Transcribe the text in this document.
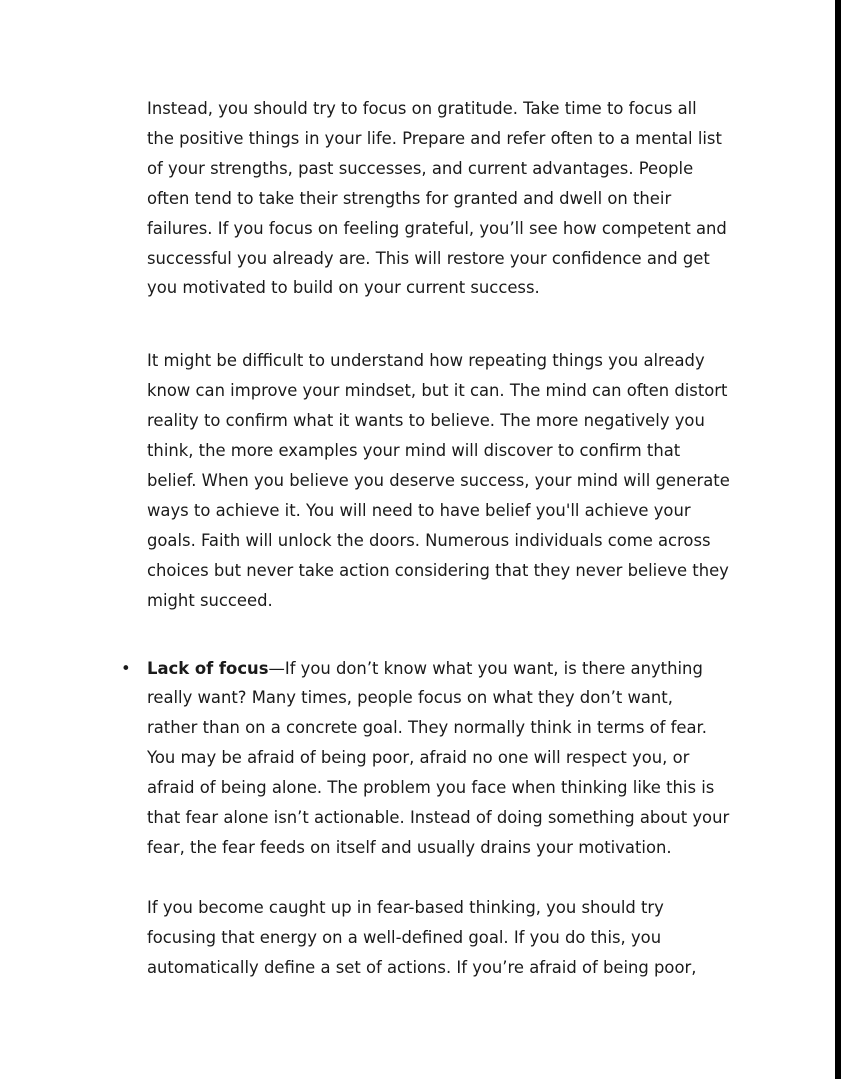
Instead, you should try to focus on gratitude. Take time to focus all
the positive things in your life. Prepare and refer often to a mental list
of your strengths, past successes, and current advantages. People
often tend to take their strengths for granted and dwell on their
failures. If you focus on feeling grateful, you’ll see how competent and
successful you already are. This will restore your confidence and get
you motivated to build on your current success.

It might be difficult to understand how repeating things you already
know can improve your mindset, but it can. The mind can often distort
reality to confirm what it wants to believe. The more negatively you
think, the more examples your mind will discover to confirm that
belief. When you believe you deserve success, your mind will generate
ways to achieve it. You will need to have belief you'll achieve your
goals. Faith will unlock the doors. Numerous individuals come across
choices but never take action considering that they never believe they
might succeed.

• Lack of focus—If you don’t know what you want, is there anything
really want? Many times, people focus on what they don’t want,
rather than on a concrete goal. They normally think in terms of fear.
You may be afraid of being poor, afraid no one will respect you, or
afraid of being alone. The problem you face when thinking like this is
that fear alone isn’t actionable. Instead of doing something about your
fear, the fear feeds on itself and usually drains your motivation.

If you become caught up in fear-based thinking, you should try
focusing that energy on a well-defined goal. If you do this, you
automatically define a set of actions. If you’re afraid of being poor,
